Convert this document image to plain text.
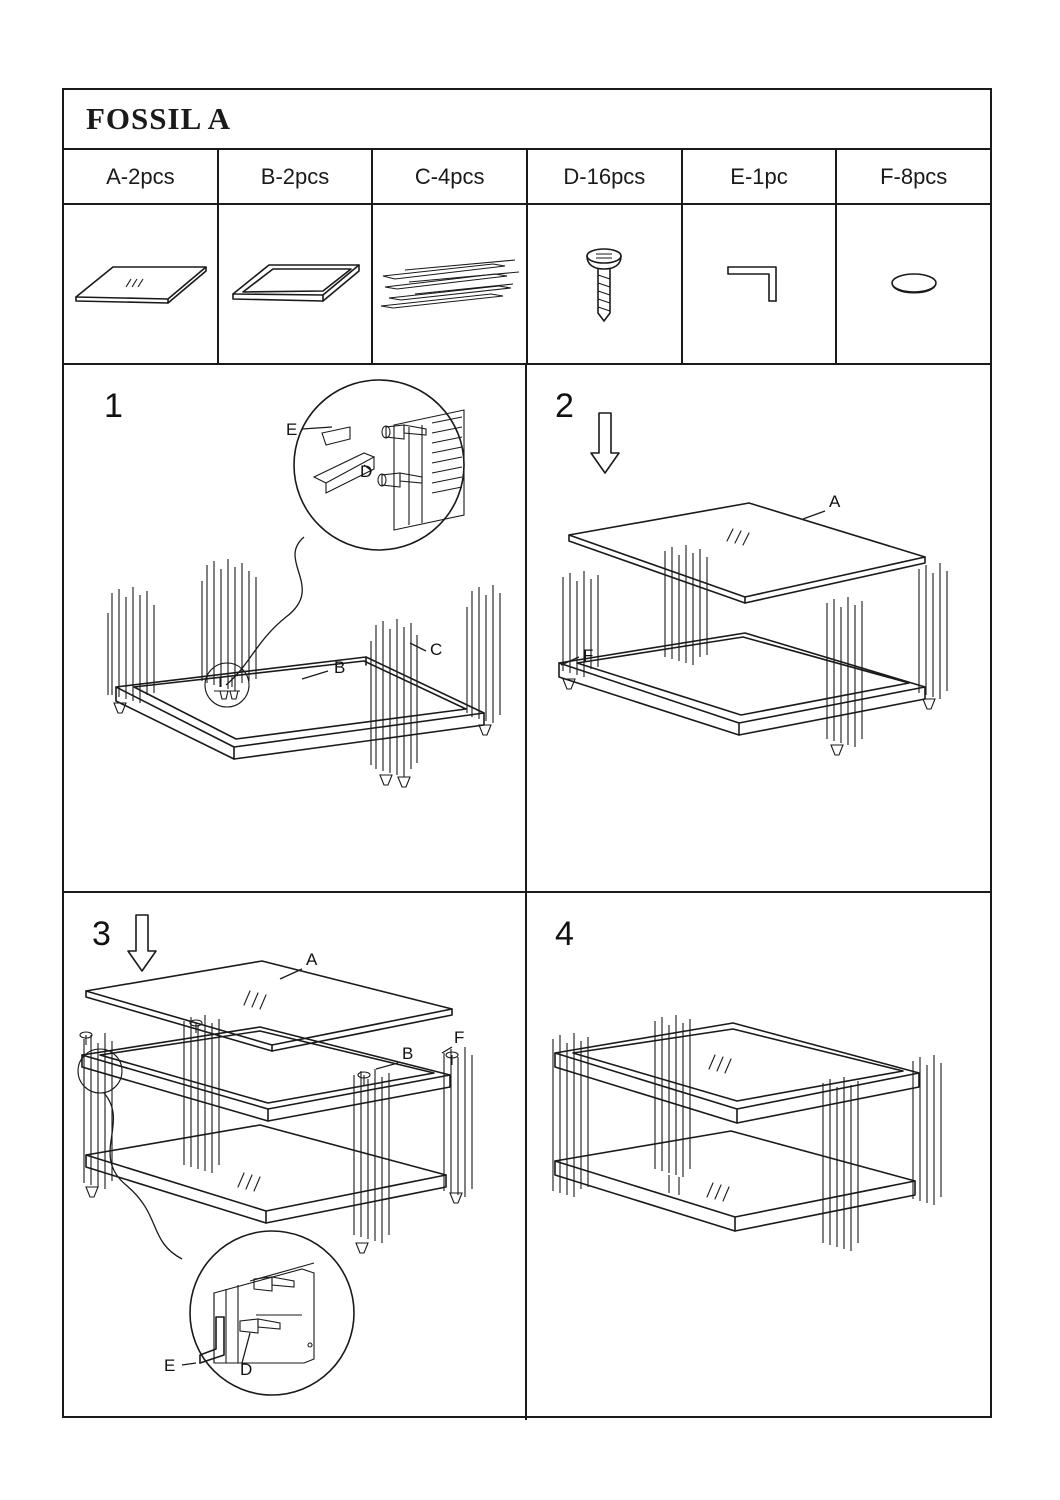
FOSSIL A
A-2pcs	B-2pcs	C-4pcs	D-16pcs	E-1pc	F-8pcs
1
E
D
B
C
2
A
F
3
A
B
F
E	D
4
